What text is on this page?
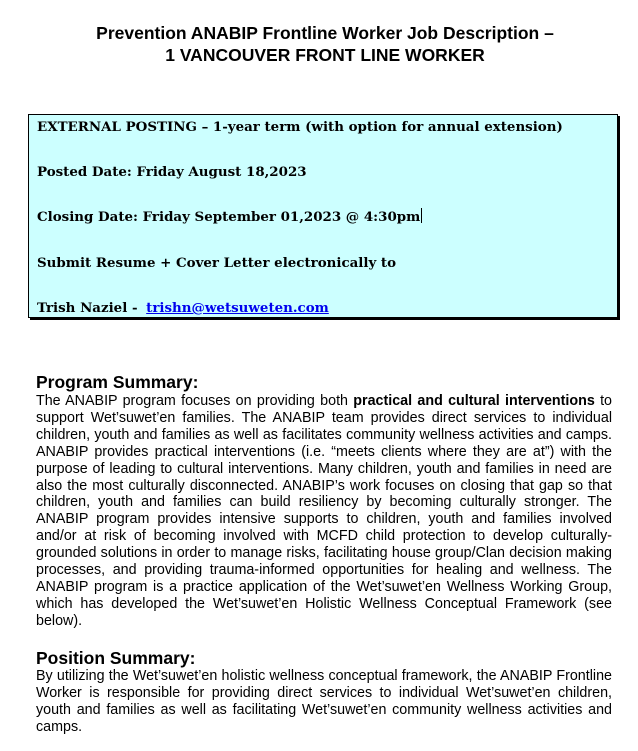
Prevention ANABIP Frontline Worker Job Description –
1 VANCOUVER FRONT LINE WORKER
EXTERNAL POSTING – 1-year term (with option for annual extension)
Posted Date: Friday August 18,2023
Closing Date: Friday September 01,2023 @ 4:30pm
Submit Resume + Cover Letter electronically to
Trish Naziel - trishn@wetsuweten.com
Program Summary:

The ANABIP program focuses on providing both practical and cultural interventions to support Wet’suwet’en families. The ANABIP team provides direct services to individual children, youth and families as well as facilitates community wellness activities and camps. ANABIP provides practical interventions (i.e. “meets clients where they are at”) with the purpose of leading to cultural interventions. Many children, youth and families in need are also the most culturally disconnected. ANABIP’s work focuses on closing that gap so that children, youth and families can build resiliency by becoming culturally stronger. The ANABIP program provides intensive supports to children, youth and families involved and/or at risk of becoming involved with MCFD child protection to develop culturally-grounded solutions in order to manage risks, facilitating house group/Clan decision making processes, and providing trauma-informed opportunities for healing and wellness. The ANABIP program is a practice application of the Wet’suwet’en Wellness Working Group, which has developed the Wet’suwet’en Holistic Wellness Conceptual Framework (see below).

Position Summary:

By utilizing the Wet’suwet’en holistic wellness conceptual framework, the ANABIP Frontline Worker is responsible for providing direct services to individual Wet’suwet’en children, youth and families as well as facilitating Wet’suwet’en community wellness activities and camps.
